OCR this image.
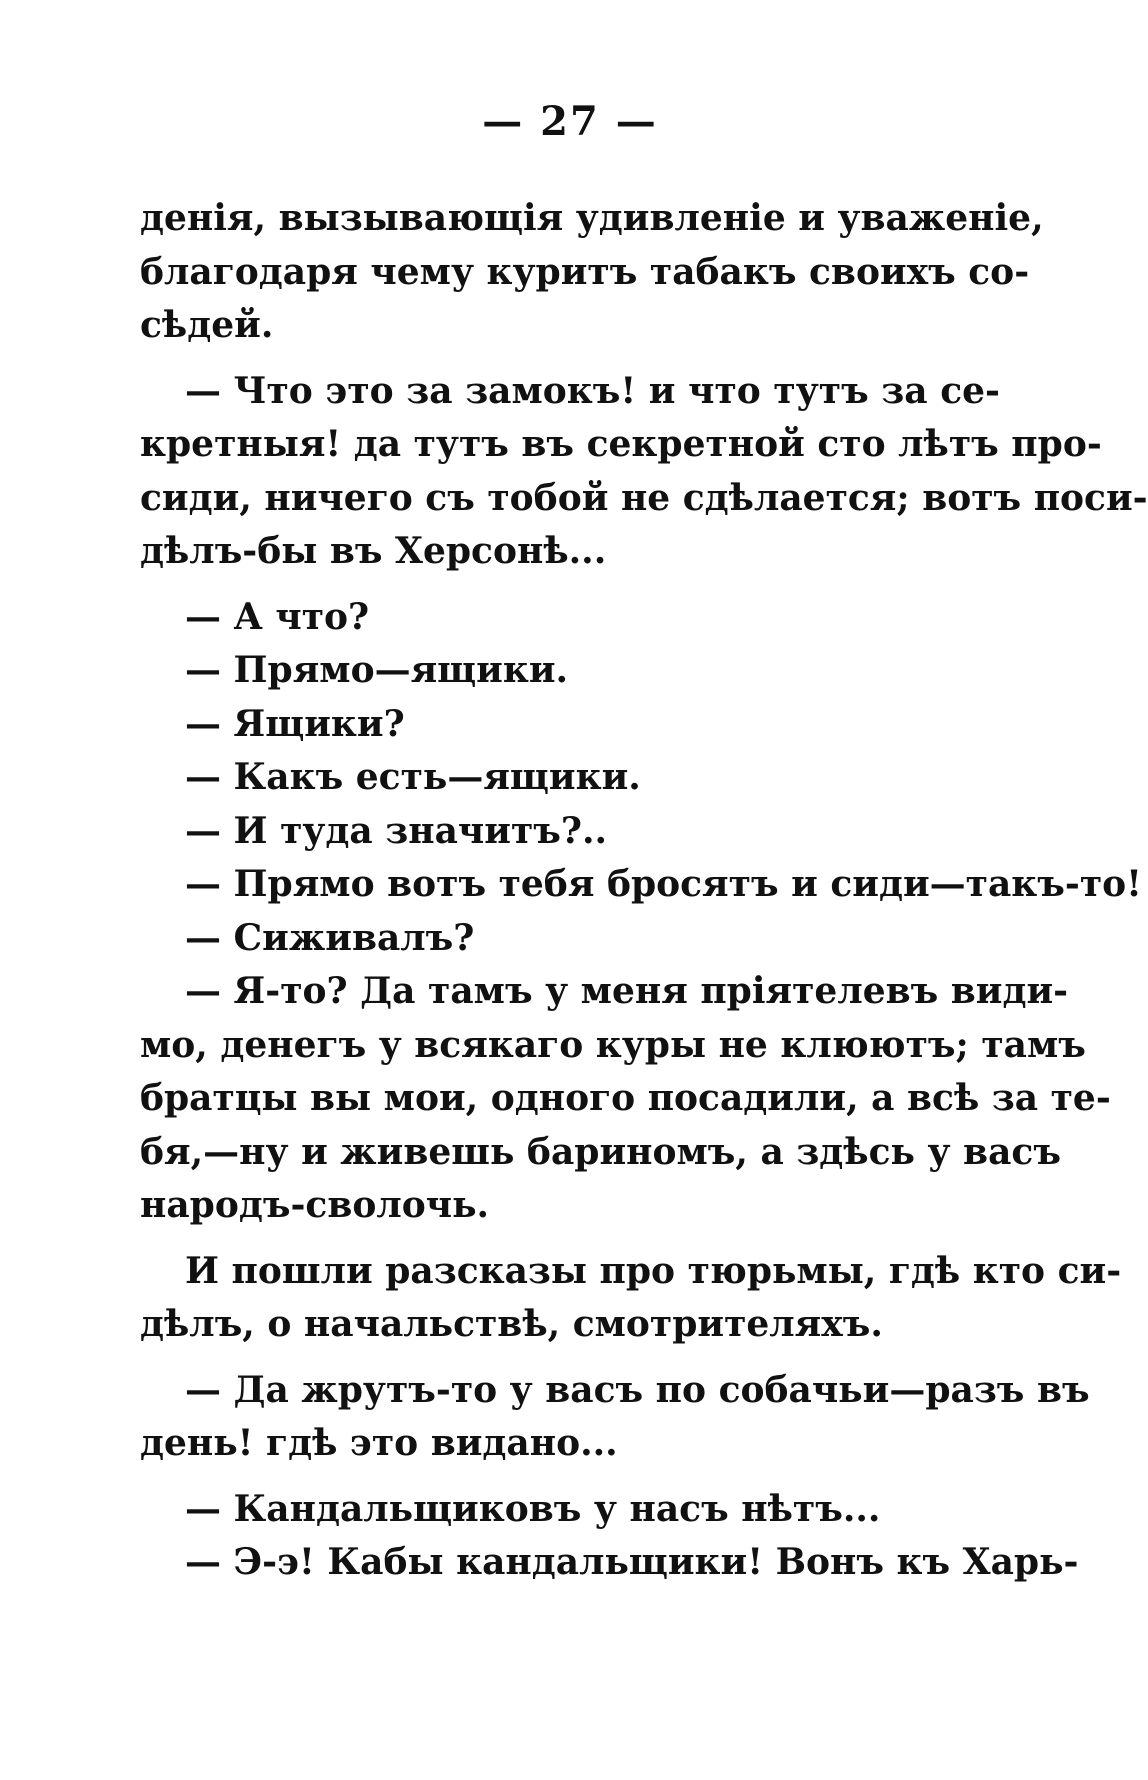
— 27 —
денія, вызывающія удивленіе и уваженіе,
благодаря чему куритъ табакъ своихъ со-
сѣдей.
— Что это за замокъ! и что тутъ за се-
кретныя! да тутъ въ секретной сто лѣтъ про-
сиди, ничего съ тобой не сдѣлается; вотъ поси-
дѣлъ-бы въ Херсонѣ...
— А что?
— Прямо—ящики.
— Ящики?
— Какъ есть—ящики.
— И туда значитъ?..
— Прямо вотъ тебя бросятъ и сиди—такъ-то!
— Сиживалъ?
— Я-то? Да тамъ у меня пріятелевъ види-
мо, денегъ у всякаго куры не клюютъ; тамъ
братцы вы мои, одного посадили, а всѣ за те-
бя,—ну и живешь бариномъ, а здѣсь у васъ
народъ-сволочь.
И пошли разсказы про тюрьмы, гдѣ кто си-
дѣлъ, о начальствѣ, смотрителяхъ.
— Да жрутъ-то у васъ по собачьи—разъ въ
день! гдѣ это видано...
— Кандальщиковъ у насъ нѣтъ...
— Э-э! Кабы кандальщики! Вонъ къ Харь-
